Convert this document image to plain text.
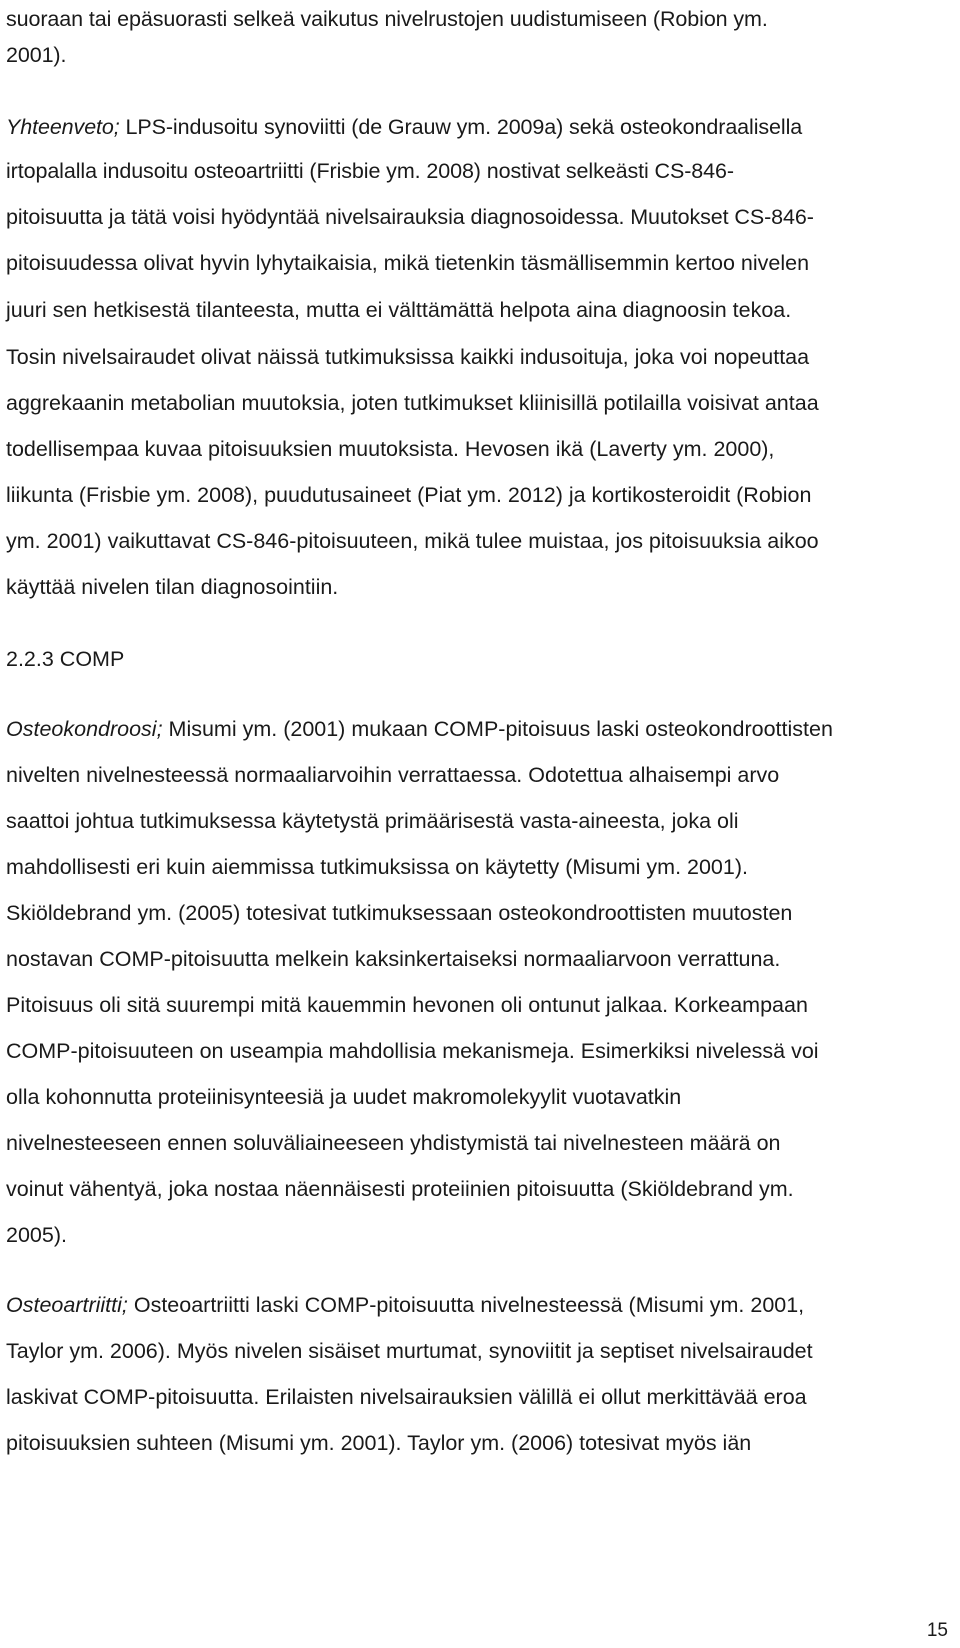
suoraan tai epäsuorasti selkeä vaikutus nivelrustojen uudistumiseen (Robion ym.
2001).
Yhteenveto; LPS-indusoitu synoviitti (de Grauw ym. 2009a) sekä osteokondraalisella
irtopalalla indusoitu osteoartriitti (Frisbie ym. 2008) nostivat selkeästi CS-846-
pitoisuutta ja tätä voisi hyödyntää nivelsairauksia diagnosoidessa. Muutokset CS-846-
pitoisuudessa olivat hyvin lyhytaikaisia, mikä tietenkin täsmällisemmin kertoo nivelen
juuri sen hetkisestä tilanteesta, mutta ei välttämättä helpota aina diagnoosin tekoa.
Tosin nivelsairaudet olivat näissä tutkimuksissa kaikki indusoituja, joka voi nopeuttaa
aggrekaanin metabolian muutoksia, joten tutkimukset kliinisillä potilailla voisivat antaa
todellisempaa kuvaa pitoisuuksien muutoksista. Hevosen ikä (Laverty ym. 2000),
liikunta (Frisbie ym. 2008), puudutusaineet (Piat ym. 2012) ja kortikosteroidit (Robion
ym. 2001) vaikuttavat CS-846-pitoisuuteen, mikä tulee muistaa, jos pitoisuuksia aikoo
käyttää nivelen tilan diagnosointiin.
2.2.3 COMP
Osteokondroosi; Misumi ym. (2001) mukaan COMP-pitoisuus laski osteokondroottisten
nivelten nivelnesteessä normaaliarvoihin verrattaessa. Odotettua alhaisempi arvo
saattoi johtua tutkimuksessa käytetystä primäärisestä vasta-aineesta, joka oli
mahdollisesti eri kuin aiemmissa tutkimuksissa on käytetty (Misumi ym. 2001).
Skiöldebrand ym. (2005) totesivat tutkimuksessaan osteokondroottisten muutosten
nostavan COMP-pitoisuutta melkein kaksinkertaiseksi normaaliarvoon verrattuna.
Pitoisuus oli sitä suurempi mitä kauemmin hevonen oli ontunut jalkaa. Korkeampaan
COMP-pitoisuuteen on useampia mahdollisia mekanismeja. Esimerkiksi nivelessä voi
olla kohonnutta proteiinisynteesiä ja uudet makromolekyylit vuotavatkin
nivelnesteeseen ennen soluväliaineeseen yhdistymistä tai nivelnesteen määrä on
voinut vähentyä, joka nostaa näennäisesti proteiinien pitoisuutta (Skiöldebrand ym.
2005).
Osteoartriitti; Osteoartriitti laski COMP-pitoisuutta nivelnesteessä (Misumi ym. 2001,
Taylor ym. 2006). Myös nivelen sisäiset murtumat, synoviitit ja septiset nivelsairaudet
laskivat COMP-pitoisuutta. Erilaisten nivelsairauksien välillä ei ollut merkittävää eroa
pitoisuuksien suhteen (Misumi ym. 2001). Taylor ym. (2006) totesivat myös iän
15
